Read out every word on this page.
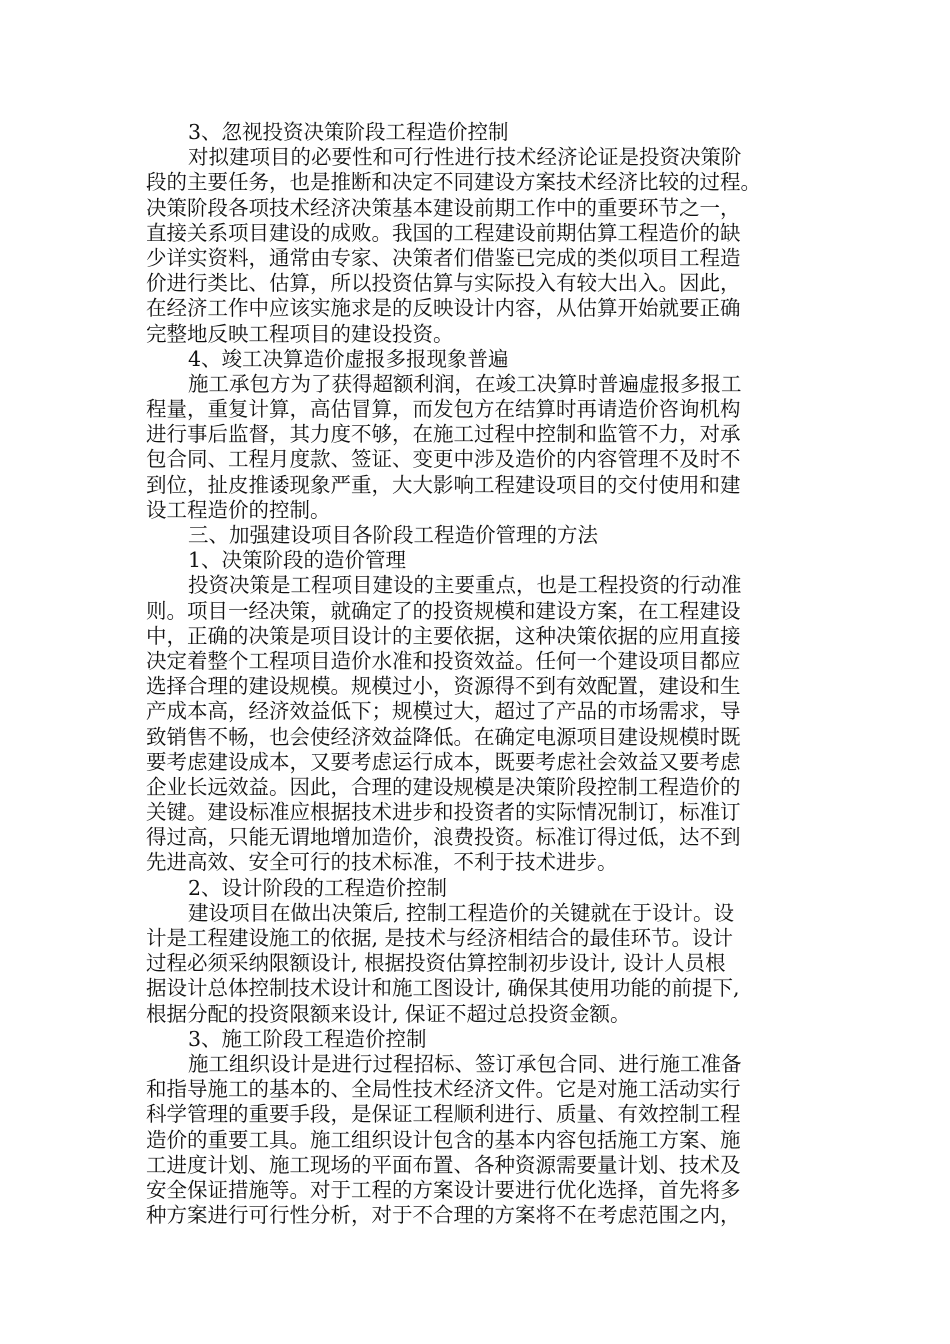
3、忽视投资决策阶段工程造价控制
对拟建项目的必要性和可行性进行技术经济论证是投资决策阶
段的主要任务，也是推断和决定不同建设方案技术经济比较的过程。
决策阶段各项技术经济决策基本建设前期工作中的重要环节之一，
直接关系项目建设的成败。我国的工程建设前期估算工程造价的缺
少详实资料，通常由专家、决策者们借鉴已完成的类似项目工程造
价进行类比、估算，所以投资估算与实际投入有较大出入。因此，
在经济工作中应该实施求是的反映设计内容，从估算开始就要正确
完整地反映工程项目的建设投资。
4、竣工决算造价虚报多报现象普遍
施工承包方为了获得超额利润，在竣工决算时普遍虚报多报工
程量，重复计算，高估冒算，而发包方在结算时再请造价咨询机构
进行事后监督，其力度不够，在施工过程中控制和监管不力，对承
包合同、工程月度款、签证、变更中涉及造价的内容管理不及时不
到位，扯皮推诿现象严重，大大影响工程建设项目的交付使用和建
设工程造价的控制。
三、加强建设项目各阶段工程造价管理的方法
1、决策阶段的造价管理
投资决策是工程项目建设的主要重点，也是工程投资的行动准
则。项目一经决策，就确定了的投资规模和建设方案，在工程建设
中，正确的决策是项目设计的主要依据，这种决策依据的应用直接
决定着整个工程项目造价水准和投资效益。任何一个建设项目都应
选择合理的建设规模。规模过小，资源得不到有效配置，建设和生
产成本高，经济效益低下；规模过大，超过了产品的市场需求，导
致销售不畅，也会使经济效益降低。在确定电源项目建设规模时既
要考虑建设成本，又要考虑运行成本，既要考虑社会效益又要考虑
企业长远效益。因此，合理的建设规模是决策阶段控制工程造价的
关键。建设标准应根据技术进步和投资者的实际情况制订，标准订
得过高，只能无谓地增加造价，浪费投资。标准订得过低，达不到
先进高效、安全可行的技术标准，不利于技术进步。
2、设计阶段的工程造价控制
建设项目在做出决策后, 控制工程造价的关键就在于设计。设
计是工程建设施工的依据, 是技术与经济相结合的最佳环节。设计
过程必须采纳限额设计, 根据投资估算控制初步设计, 设计人员根
据设计总体控制技术设计和施工图设计, 确保其使用功能的前提下,
根据分配的投资限额来设计, 保证不超过总投资金额。
3、施工阶段工程造价控制
施工组织设计是进行过程招标、签订承包合同、进行施工准备
和指导施工的基本的、全局性技术经济文件。它是对施工活动实行
科学管理的重要手段，是保证工程顺利进行、质量、有效控制工程
造价的重要工具。施工组织设计包含的基本内容包括施工方案、施
工进度计划、施工现场的平面布置、各种资源需要量计划、技术及
安全保证措施等。对于工程的方案设计要进行优化选择，首先将多
种方案进行可行性分析，对于不合理的方案将不在考虑范围之内，
